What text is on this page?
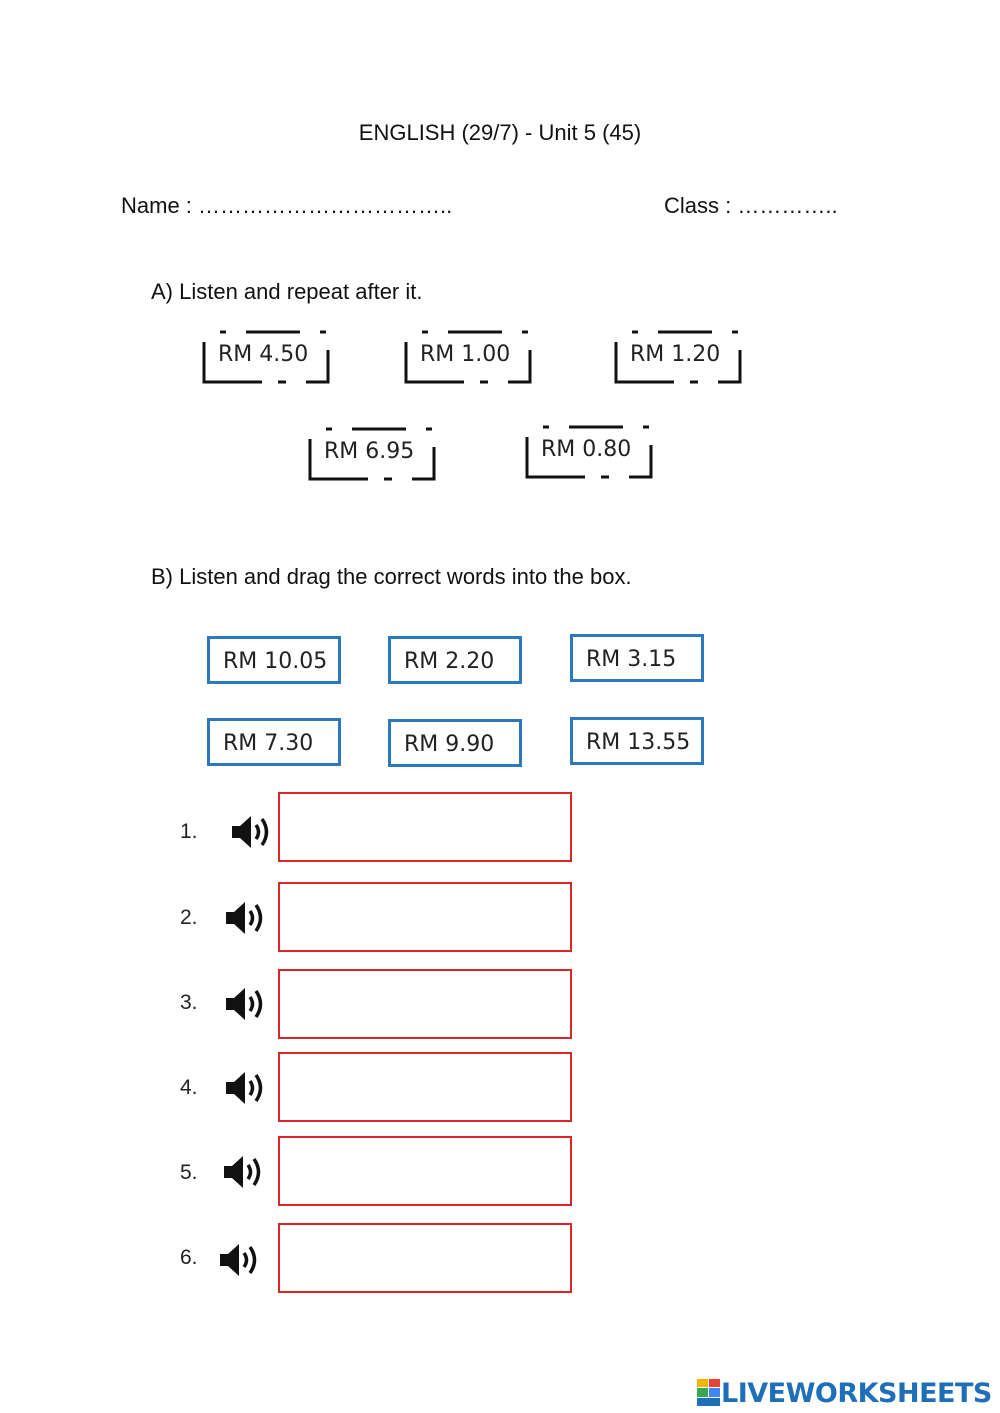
ENGLISH (29/7) - Unit 5 (45)
Name : ……………………………..	Class : …………..
A) Listen and repeat after it.
RM 4.50	RM 1.00	RM 1.20
RM 6.95	RM 0.80
B) Listen and drag the correct words into the box.
RM 10.05	RM 2.20	RM 3.15
RM 7.30	RM 9.90	RM 13.55
1.
2.
3.
4.
5.
6.
LIVEWORKSHEETS
